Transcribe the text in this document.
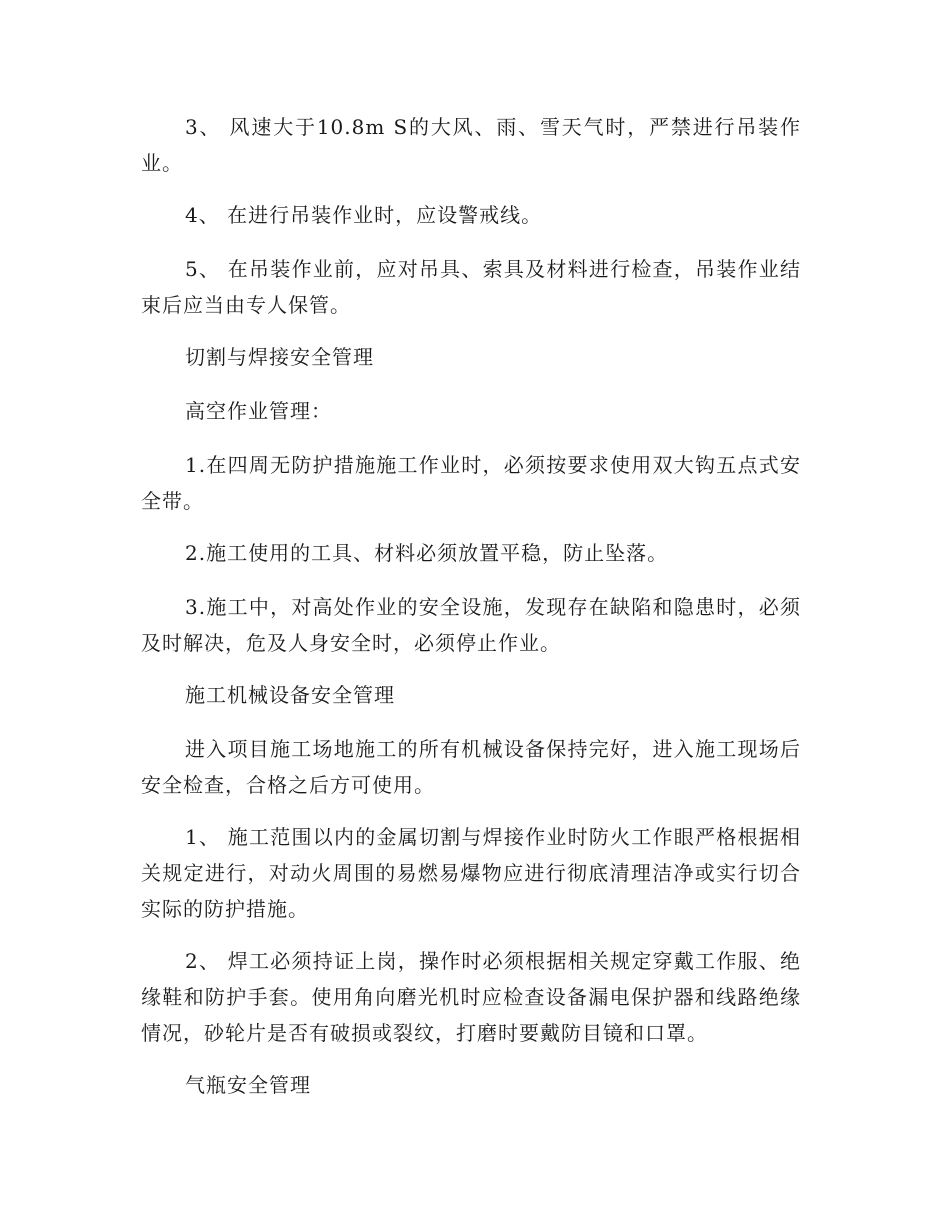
3、 风速大于10.8m S的大风、雨、雪天气时，严禁进行吊装作业。

4、 在进行吊装作业时，应设警戒线。

5、 在吊装作业前，应对吊具、索具及材料进行检查，吊装作业结束后应当由专人保管。

切割与焊接安全管理

高空作业管理：

1.在四周无防护措施施工作业时，必须按要求使用双大钩五点式安全带。

2.施工使用的工具、材料必须放置平稳，防止坠落。

3.施工中，对高处作业的安全设施，发现存在缺陷和隐患时，必须及时解决，危及人身安全时，必须停止作业。

施工机械设备安全管理

进入项目施工场地施工的所有机械设备保持完好，进入施工现场后安全检查，合格之后方可使用。

1、 施工范围以内的金属切割与焊接作业时防火工作眼严格根据相关规定进行，对动火周围的易燃易爆物应进行彻底清理洁净或实行切合实际的防护措施。

2、 焊工必须持证上岗，操作时必须根据相关规定穿戴工作服、绝缘鞋和防护手套。使用角向磨光机时应检查设备漏电保护器和线路绝缘情况，砂轮片是否有破损或裂纹，打磨时要戴防目镜和口罩。

气瓶安全管理
